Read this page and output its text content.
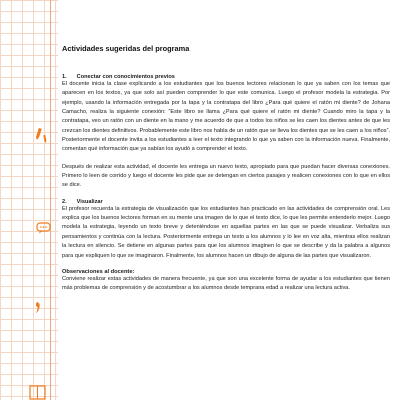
Actividades sugeridas del programa
1. Conectar con conocimientos previos

El docente inicia la clase explicando a los estudiantes que los buenos lectores relacionan lo que ya saben con los temas que aparecen en los textos, ya que solo así pueden comprender lo que este comunica. Luego el profesor modela la estrategia. Por ejemplo, usando la información entregada por la tapa y la contratapa del libro ¿Para qué quiere el ratón mi diente? de Johana Camacho, realiza la siguiente conexión: “Este libro se llama ¿Para qué quiere el ratón mi diente? Cuando miro la tapa y la contratapa, veo un ratón con un diente en la mano y me acuerdo de que a todos los niños se les caen los dientes antes de que les crezcan los dientes definitivos. Probablemente este libro nos habla de un ratón que se lleva los dientes que se les caen a los niños”. Posteriormente el docente invita a los estudiantes a leer el texto integrando lo que ya saben con la información nueva. Finalmente, comentan qué información que ya sabían los ayudó a comprender el texto.

Después de realizar esta actividad, el docente les entrega un nuevo texto, apropiado para que puedan hacer diversas conexiones. Primero lo leen de corrido y luego el docente les pide que se detengan en ciertos pasajes y realicen conexiones con lo que en ellos se dice.

2. Visualizar

El profesor recuerda la estrategia de visualización que los estudiantes han practicado en las actividades de comprensión oral. Les explica que los buenos lectores forman en su mente una imagen de lo que el texto dice, lo que les permite entenderlo mejor. Luego modela la estrategia, leyendo un texto breve y deteniéndose en aquellas partes en las que se puede visualizar. Verbaliza sus pensamientos y continúa con la lectura. Posteriormente entrega un texto a los alumnos y lo lee en voz alta, mientras ellos realizan la lectura en silencio. Se detiene en algunas partes para que los alumnos imaginen lo que se describe y da la palabra a algunos para que expliquen lo que se imaginaron. Finalmente, los alumnos hacen un dibujo de alguna de las partes que visualizaron.

Observaciones al docente:

Conviene realizar estas actividades de manera frecuente, ya que son una excelente forma de ayudar a los estudiantes que tienen más problemas de comprensión y de acostumbrar a los alumnos desde temprana edad a realizar una lectura activa.
